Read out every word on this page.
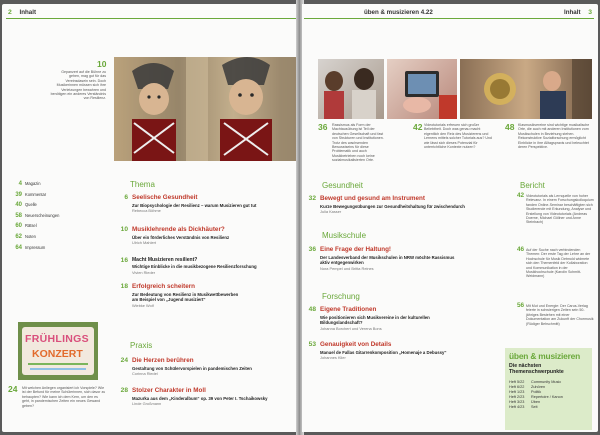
2 Inhalt
10
Gepanzert auf die Bühne zu gehen, mag gut für das Vereinsdasein sein. Doch Musikerinnen müssen sich ihre Verletzungen bewahren und benötigen ein anderes Verständnis von Resilienz.
4 Magazin
39 Kommentar
40 Quelle
58 Neuerscheinungen
60 Rätsel
62 Noten
64 Impressum
Thema
6 Seelische Gesundheit
Zur Biopsychologie der Resilienz – warum Musizieren gut tut
Rebecca Böhme
10 Musiklehrende als Dickhäuter?
Über ein förderliches Verständnis von Resilienz
Ulrich Mahlert
16 Macht Musizieren resilient?
Wichtige Einblicke in die musikbezogene Resilienzforschung
Vivien Rieder
18 Erfolgreich scheitern
Zur Bedeutung von Resilienz in Musikwettbewerben
am Beispiel von „Jugend musiziert“
Wiebke Wolf
Praxis
24 Die Herzen berühren
Gestaltung von Schülervorspielen in pandemischen Zeiten
Corinna Riedel
28 Stolzer Charakter in Moll
Mazurka aus dem „Kinderalbum“ op. 39 von Peter I. Tschaikowsky
Linde Großmann
FRÜHLINGS
KONZERT
24 Mit welchen Anliegen organisiert ich Vorspiele? Wie ist der Befund für meine Schülerinnen, sich davor zu behaupten? Wie kann ich dem Kern, um den es geht, in pandemischen Zeiten ein neues Gewand geben?
üben & musizieren 4.22	Inhalt 3
36 Rassismus als Form der Machtausübung ist Teil der deutschen Gesellschaft und fast von Strukturen und Institutionen. Trotz des wachsenden Bewusstseins für diese Problematik und auch Musikbetrieben noch keine sozialmusikalisierten Orte.
42 Videotutorials erfreuen sich großer Beliebtheit. Doch was genau macht eigentlich den Reiz des Musizierens und Lernens mittels solcher Tutorials aus? Und wie lässt sich dieses Potenzial für unterrichtliche Kontexte nutzen?
48 Klasmusikvereine sind wichtige musikalische Orte, die auch mit anderen Institutionen vom Musikschulen in Beziehung stehen. Rekonstruktive Sozialforschung ermöglicht Einblicke in ihre Alltagspraxis und beleuchtet deren Perspektive.
Gesundheit
32 Bewegt und gesund am Instrument
Kurze Bewegungsübungen zur Gesundheitshaltung für zwischendurch
Julia Kasser
Musikschule
36 Eine Frage der Haltung!
Der Landesverband der Musikschulen in NRW möchte Rassismus
aktiv entgegenwirken
Nora Pempel und Britta Reines
Forschung
48 Eigene Traditionen
Wie positionieren sich Musikvereine in der kulturellen
Bildungslandschaft?
Johanna Borchert und Verena Bons
53 Genauigkeit von Details
Manuel de Fallas Gitarrenkomposition „Homenaje a Debussy“
Johannes Klier
Bericht
42 Videotutorials als Lernquelle von hoher Relevanz. In einem Forschungskolloquium fanden Online-Seminar beschäftigten sich Studierende mit Erkundung, Analyse und Erstellung von Videotutorials (Andreas Doerne, Michael Göllner und Anne Steinbach)
46 Auf der Suche nach verbindenden Themen: Der erste Tag der Lehre an der Hochschule für Musik Detmold widmete sich den Themenfeld der Kollaboration und Kommunikation in der Musikhochschule (Karolin Schmitt-Weidmann)
56 Mit Mut und Energie: Der Carus-Verlag feierte in schwierigen Zeiten sein 50-jähriges Bestehen mit einer Dokumentation am Zukunft der Chormusik (Rüdiger Behschmitt)
üben & musizieren
Die nächsten Themenschwerpunkte
Heft 5/22 Community Music
Heft 6/22 Zuhören
Heft 1/23 Politik
Heft 2/23 Repertoire / Kanon
Heft 3/23 Üben
Heft 4/23 Seit
